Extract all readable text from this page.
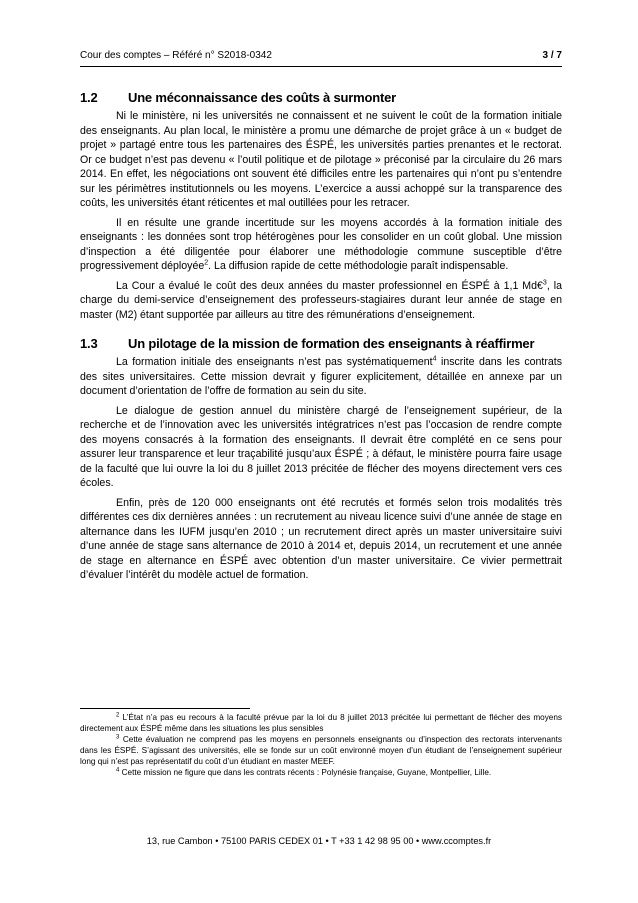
Cour des comptes – Référé n° S2018-0342	3 / 7
1.2 Une méconnaissance des coûts à surmonter

Ni le ministère, ni les universités ne connaissent et ne suivent le coût de la formation initiale des enseignants. Au plan local, le ministère a promu une démarche de projet grâce à un « budget de projet » partagé entre tous les partenaires des ÉSPÉ, les universités parties prenantes et le rectorat. Or ce budget n’est pas devenu « l’outil politique et de pilotage » préconisé par la circulaire du 26 mars 2014. En effet, les négociations ont souvent été difficiles entre les partenaires qui n’ont pu s’entendre sur les périmètres institutionnels ou les moyens. L’exercice a aussi achoppé sur la transparence des coûts, les universités étant réticentes et mal outillées pour les retracer.

Il en résulte une grande incertitude sur les moyens accordés à la formation initiale des enseignants : les données sont trop hétérogènes pour les consolider en un coût global. Une mission d’inspection a été diligentée pour élaborer une méthodologie commune susceptible d’être progressivement déployée$^2$. La diffusion rapide de cette méthodologie paraît indispensable.

La Cour a évalué le coût des deux années du master professionnel en ÉSPÉ à 1,1 Md€$^3$, la charge du demi-service d’enseignement des professeurs-stagiaires durant leur année de stage en master (M2) étant supportée par ailleurs au titre des rémunérations d’enseignement.

1.3 Un pilotage de la mission de formation des enseignants à réaffirmer

La formation initiale des enseignants n’est pas systématiquement$^4$ inscrite dans les contrats des sites universitaires. Cette mission devrait y figurer explicitement, détaillée en annexe par un document d’orientation de l’offre de formation au sein du site.

Le dialogue de gestion annuel du ministère chargé de l’enseignement supérieur, de la recherche et de l’innovation avec les universités intégratrices n’est pas l’occasion de rendre compte des moyens consacrés à la formation des enseignants. Il devrait être complété en ce sens pour assurer leur transparence et leur traçabilité jusqu’aux ÉSPÉ ; à défaut, le ministère pourra faire usage de la faculté que lui ouvre la loi du 8 juillet 2013 précitée de flécher des moyens directement vers ces écoles.

Enfin, près de 120 000 enseignants ont été recrutés et formés selon trois modalités très différentes ces dix dernières années : un recrutement au niveau licence suivi d’une année de stage en alternance dans les IUFM jusqu’en 2010 ; un recrutement direct après un master universitaire suivi d’une année de stage sans alternance de 2010 à 2014 et, depuis 2014, un recrutement et une année de stage en alternance en ÉSPÉ avec obtention d’un master universitaire. Ce vivier permettrait d’évaluer l’intérêt du modèle actuel de formation.

$^2$ L’État n’a pas eu recours à la faculté prévue par la loi du 8 juillet 2013 précitée lui permettant de flécher des moyens directement aux ÉSPÉ même dans les situations les plus sensibles

$^3$ Cette évaluation ne comprend pas les moyens en personnels enseignants ou d’inspection des rectorats intervenants dans les ÉSPÉ. S’agissant des universités, elle se fonde sur un coût environné moyen d’un étudiant de l’enseignement supérieur long qui n’est pas représentatif du coût d’un étudiant en master MEEF.

$^4$ Cette mission ne figure que dans les contrats récents : Polynésie française, Guyane, Montpellier, Lille.

13, rue Cambon • 75100 PARIS CEDEX 01 • T +33 1 42 98 95 00 • www.ccomptes.fr
